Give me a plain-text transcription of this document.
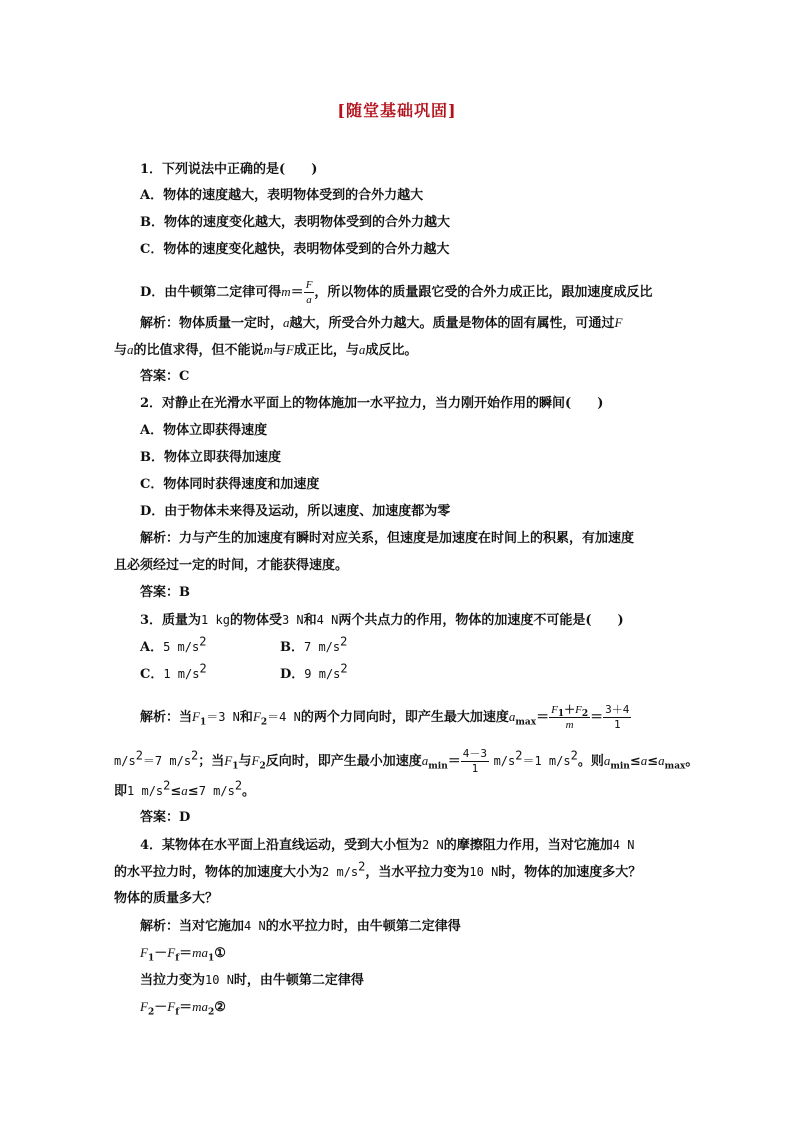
[随堂基础巩固]
1．下列说法中正确的是(　　)
A．物体的速度越大，表明物体受到的合外力越大
B．物体的速度变化越大，表明物体受到的合外力越大
C．物体的速度变化越快，表明物体受到的合外力越大
D．由牛顿第二定律可得$m= \frac{F}{a}$ ，所以物体的质量跟它受的合外力成正比，跟加速度成反比
解析：物体质量一定时，a越大，所受合外力越大。质量是物体的固有属性，可通过F
与a的比值求得，但不能说m与F成正比，与a成反比。
答案：C
2．对静止在光滑水平面上的物体施加一水平拉力，当力刚开始作用的瞬间(　　)
A．物体立即获得速度
B．物体立即获得加速度
C．物体同时获得速度和加速度
D．由于物体未来得及运动，所以速度、加速度都为零
解析：力与产生的加速度有瞬时对应关系，但速度是加速度在时间上的积累，有加速度
且必须经过一定的时间，才能获得速度。
答案：B
3．质量为1 kg的物体受3 N和4 N两个共点力的作用，物体的加速度不可能是(　　)
A．5 $m/s^2$	B．7 $m/s^2$
C．1 $m/s^2$	D．9 $m/s^2$
解析：当$F_1=3$ N和$F_2=4$ N的两个力同向时，即产生最大加速度$a_{max}= \frac{F_1+F_2}{m} = \frac{3+4}{1}$
$m/s^2=7$ $m/s^2$；当$F_1$与$F_2$反向时，即产生最小加速度$a_{min}= \frac{4-3}{1} m/s^2=1$ $m/s^2$。则$a_{min}\le a\le a_{max}$。
即1 $m/s^2\le a\le 7$ $m/s^2$。
答案：D
4．某物体在水平面上沿直线运动，受到大小恒为2 N的摩擦阻力作用，当对它施加4 N
的水平拉力时，物体的加速度大小为2 $m/s^2$，当水平拉力变为10 N时，物体的加速度多大？
物体的质量多大？
解析：当对它施加4 N的水平拉力时，由牛顿第二定律得
$F_1-F_f=ma_1①$
当拉力变为10 N时，由牛顿第二定律得
$F_2-F_f=ma_2②$
